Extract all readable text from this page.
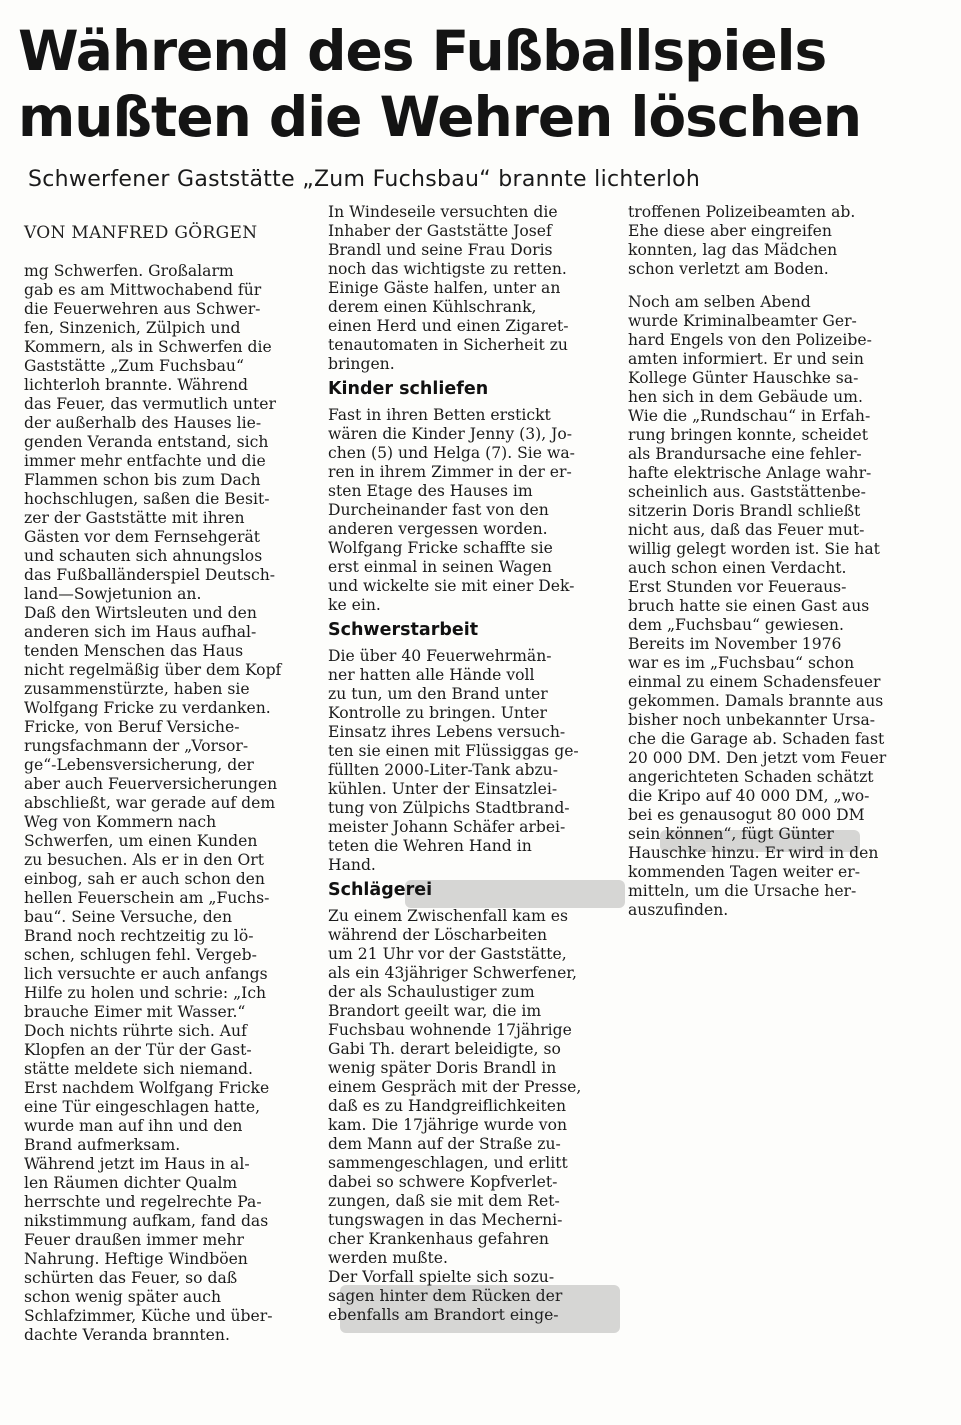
Während des Fußballspiels
mußten die Wehren löschen
Schwerfener Gaststätte „Zum Fuchsbau“ brannte lichterloh
VON MANFRED GÖRGEN
mg Schwerfen. Großalarm
gab es am Mittwochabend für
die Feuerwehren aus Schwer-
fen, Sinzenich, Zülpich und
Kommern, als in Schwerfen die
Gaststätte „Zum Fuchsbau“
lichterloh brannte. Während
das Feuer, das vermutlich unter
der außerhalb des Hauses lie-
genden Veranda entstand, sich
immer mehr entfachte und die
Flammen schon bis zum Dach
hochschlugen, saßen die Besit-
zer der Gaststätte mit ihren
Gästen vor dem Fernsehgerät
und schauten sich ahnungslos
das Fußballänderspiel Deutsch-
land—Sowjetunion an.
Daß den Wirtsleuten und den
anderen sich im Haus aufhal-
tenden Menschen das Haus
nicht regelmäßig über dem Kopf
zusammenstürzte, haben sie
Wolfgang Fricke zu verdanken.
Fricke, von Beruf Versiche-
rungsfachmann der „Vorsor-
ge“-Lebensversicherung, der
aber auch Feuerversicherungen
abschließt, war gerade auf dem
Weg von Kommern nach
Schwerfen, um einen Kunden
zu besuchen. Als er in den Ort
einbog, sah er auch schon den
hellen Feuerschein am „Fuchs-
bau“. Seine Versuche, den
Brand noch rechtzeitig zu lö-
schen, schlugen fehl. Vergeb-
lich versuchte er auch anfangs
Hilfe zu holen und schrie: „Ich
brauche Eimer mit Wasser.“
Doch nichts rührte sich. Auf
Klopfen an der Tür der Gast-
stätte meldete sich niemand.
Erst nachdem Wolfgang Fricke
eine Tür eingeschlagen hatte,
wurde man auf ihn und den
Brand aufmerksam.
Während jetzt im Haus in al-
len Räumen dichter Qualm
herrschte und regelrechte Pa-
nikstimmung aufkam, fand das
Feuer draußen immer mehr
Nahrung. Heftige Windböen
schürten das Feuer, so daß
schon wenig später auch
Schlafzimmer, Küche und über-
dachte Veranda brannten.
In Windeseile versuchten die
Inhaber der Gaststätte Josef
Brandl und seine Frau Doris
noch das wichtigste zu retten.
Einige Gäste halfen, unter an
derem einen Kühlschrank,
einen Herd und einen Zigaret-
tenautomaten in Sicherheit zu
bringen.
Kinder schliefen
Fast in ihren Betten erstickt
wären die Kinder Jenny (3), Jo-
chen (5) und Helga (7). Sie wa-
ren in ihrem Zimmer in der er-
sten Etage des Hauses im
Durcheinander fast von den
anderen vergessen worden.
Wolfgang Fricke schaffte sie
erst einmal in seinen Wagen
und wickelte sie mit einer Dek-
ke ein.
Schwerstarbeit
Die über 40 Feuerwehrmän-
ner hatten alle Hände voll
zu tun, um den Brand unter
Kontrolle zu bringen. Unter
Einsatz ihres Lebens versuch-
ten sie einen mit Flüssiggas ge-
füllten 2000-Liter-Tank abzu-
kühlen. Unter der Einsatzlei-
tung von Zülpichs Stadtbrand-
meister Johann Schäfer arbei-
teten die Wehren Hand in
Hand.
Schlägerei
Zu einem Zwischenfall kam es
während der Löscharbeiten
um 21 Uhr vor der Gaststätte,
als ein 43jähriger Schwerfener,
der als Schaulustiger zum
Brandort geeilt war, die im
Fuchsbau wohnende 17jährige
Gabi Th. derart beleidigte, so
wenig später Doris Brandl in
einem Gespräch mit der Presse,
daß es zu Handgreiflichkeiten
kam. Die 17jährige wurde von
dem Mann auf der Straße zu-
sammengeschlagen, und erlitt
dabei so schwere Kopfverlet-
zungen, daß sie mit dem Ret-
tungswagen in das Mecherni-
cher Krankenhaus gefahren
werden mußte.
Der Vorfall spielte sich sozu-
sagen hinter dem Rücken der
ebenfalls am Brandort einge-
troffenen Polizeibeamten ab.
Ehe diese aber eingreifen
konnten, lag das Mädchen
schon verletzt am Boden.
Noch am selben Abend
wurde Kriminalbeamter Ger-
hard Engels von den Polizeibe-
amten informiert. Er und sein
Kollege Günter Hauschke sa-
hen sich in dem Gebäude um.
Wie die „Rundschau“ in Erfah-
rung bringen konnte, scheidet
als Brandursache eine fehler-
hafte elektrische Anlage wahr-
scheinlich aus. Gaststättenbe-
sitzerin Doris Brandl schließt
nicht aus, daß das Feuer mut-
willig gelegt worden ist. Sie hat
auch schon einen Verdacht.
Erst Stunden vor Feueraus-
bruch hatte sie einen Gast aus
dem „Fuchsbau“ gewiesen.
Bereits im November 1976
war es im „Fuchsbau“ schon
einmal zu einem Schadensfeuer
gekommen. Damals brannte aus
bisher noch unbekannter Ursa-
che die Garage ab. Schaden fast
20 000 DM. Den jetzt vom Feuer
angerichteten Schaden schätzt
die Kripo auf 40 000 DM, „wo-
bei es genausogut 80 000 DM
sein können“, fügt Günter
Hauschke hinzu. Er wird in den
kommenden Tagen weiter er-
mitteln, um die Ursache her-
auszufinden.
